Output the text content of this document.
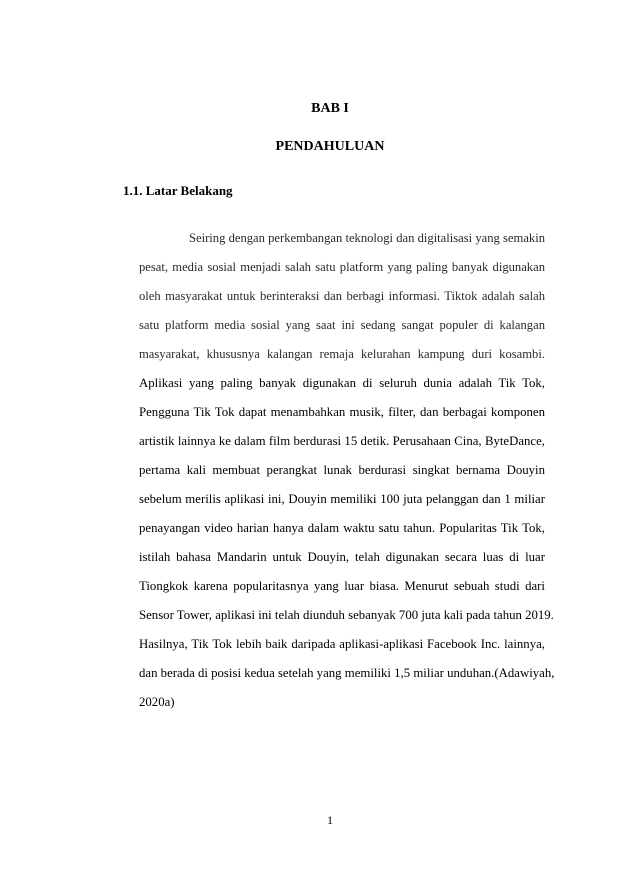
BAB I
PENDAHULUAN
1.1. Latar Belakang

Seiring dengan perkembangan teknologi dan digitalisasi yang semakin

pesat, media sosial menjadi salah satu platform yang paling banyak digunakan

oleh masyarakat untuk berinteraksi dan berbagi informasi. Tiktok adalah salah

satu platform media sosial yang saat ini sedang sangat populer di kalangan

masyarakat, khususnya kalangan remaja kelurahan kampung duri kosambi.

Aplikasi yang paling banyak digunakan di seluruh dunia adalah Tik Tok,

Pengguna Tik Tok dapat menambahkan musik, filter, dan berbagai komponen

artistik lainnya ke dalam film berdurasi 15 detik. Perusahaan Cina, ByteDance,

pertama kali membuat perangkat lunak berdurasi singkat bernama Douyin

sebelum merilis aplikasi ini, Douyin memiliki 100 juta pelanggan dan 1 miliar

penayangan video harian hanya dalam waktu satu tahun. Popularitas Tik Tok,

istilah bahasa Mandarin untuk Douyin, telah digunakan secara luas di luar

Tiongkok karena popularitasnya yang luar biasa. Menurut sebuah studi dari

Sensor Tower, aplikasi ini telah diunduh sebanyak 700 juta kali pada tahun 2019.

Hasilnya, Tik Tok lebih baik daripada aplikasi-aplikasi Facebook Inc. lainnya,

dan berada di posisi kedua setelah yang memiliki 1,5 miliar unduhan.(Adawiyah,

2020a)

1
